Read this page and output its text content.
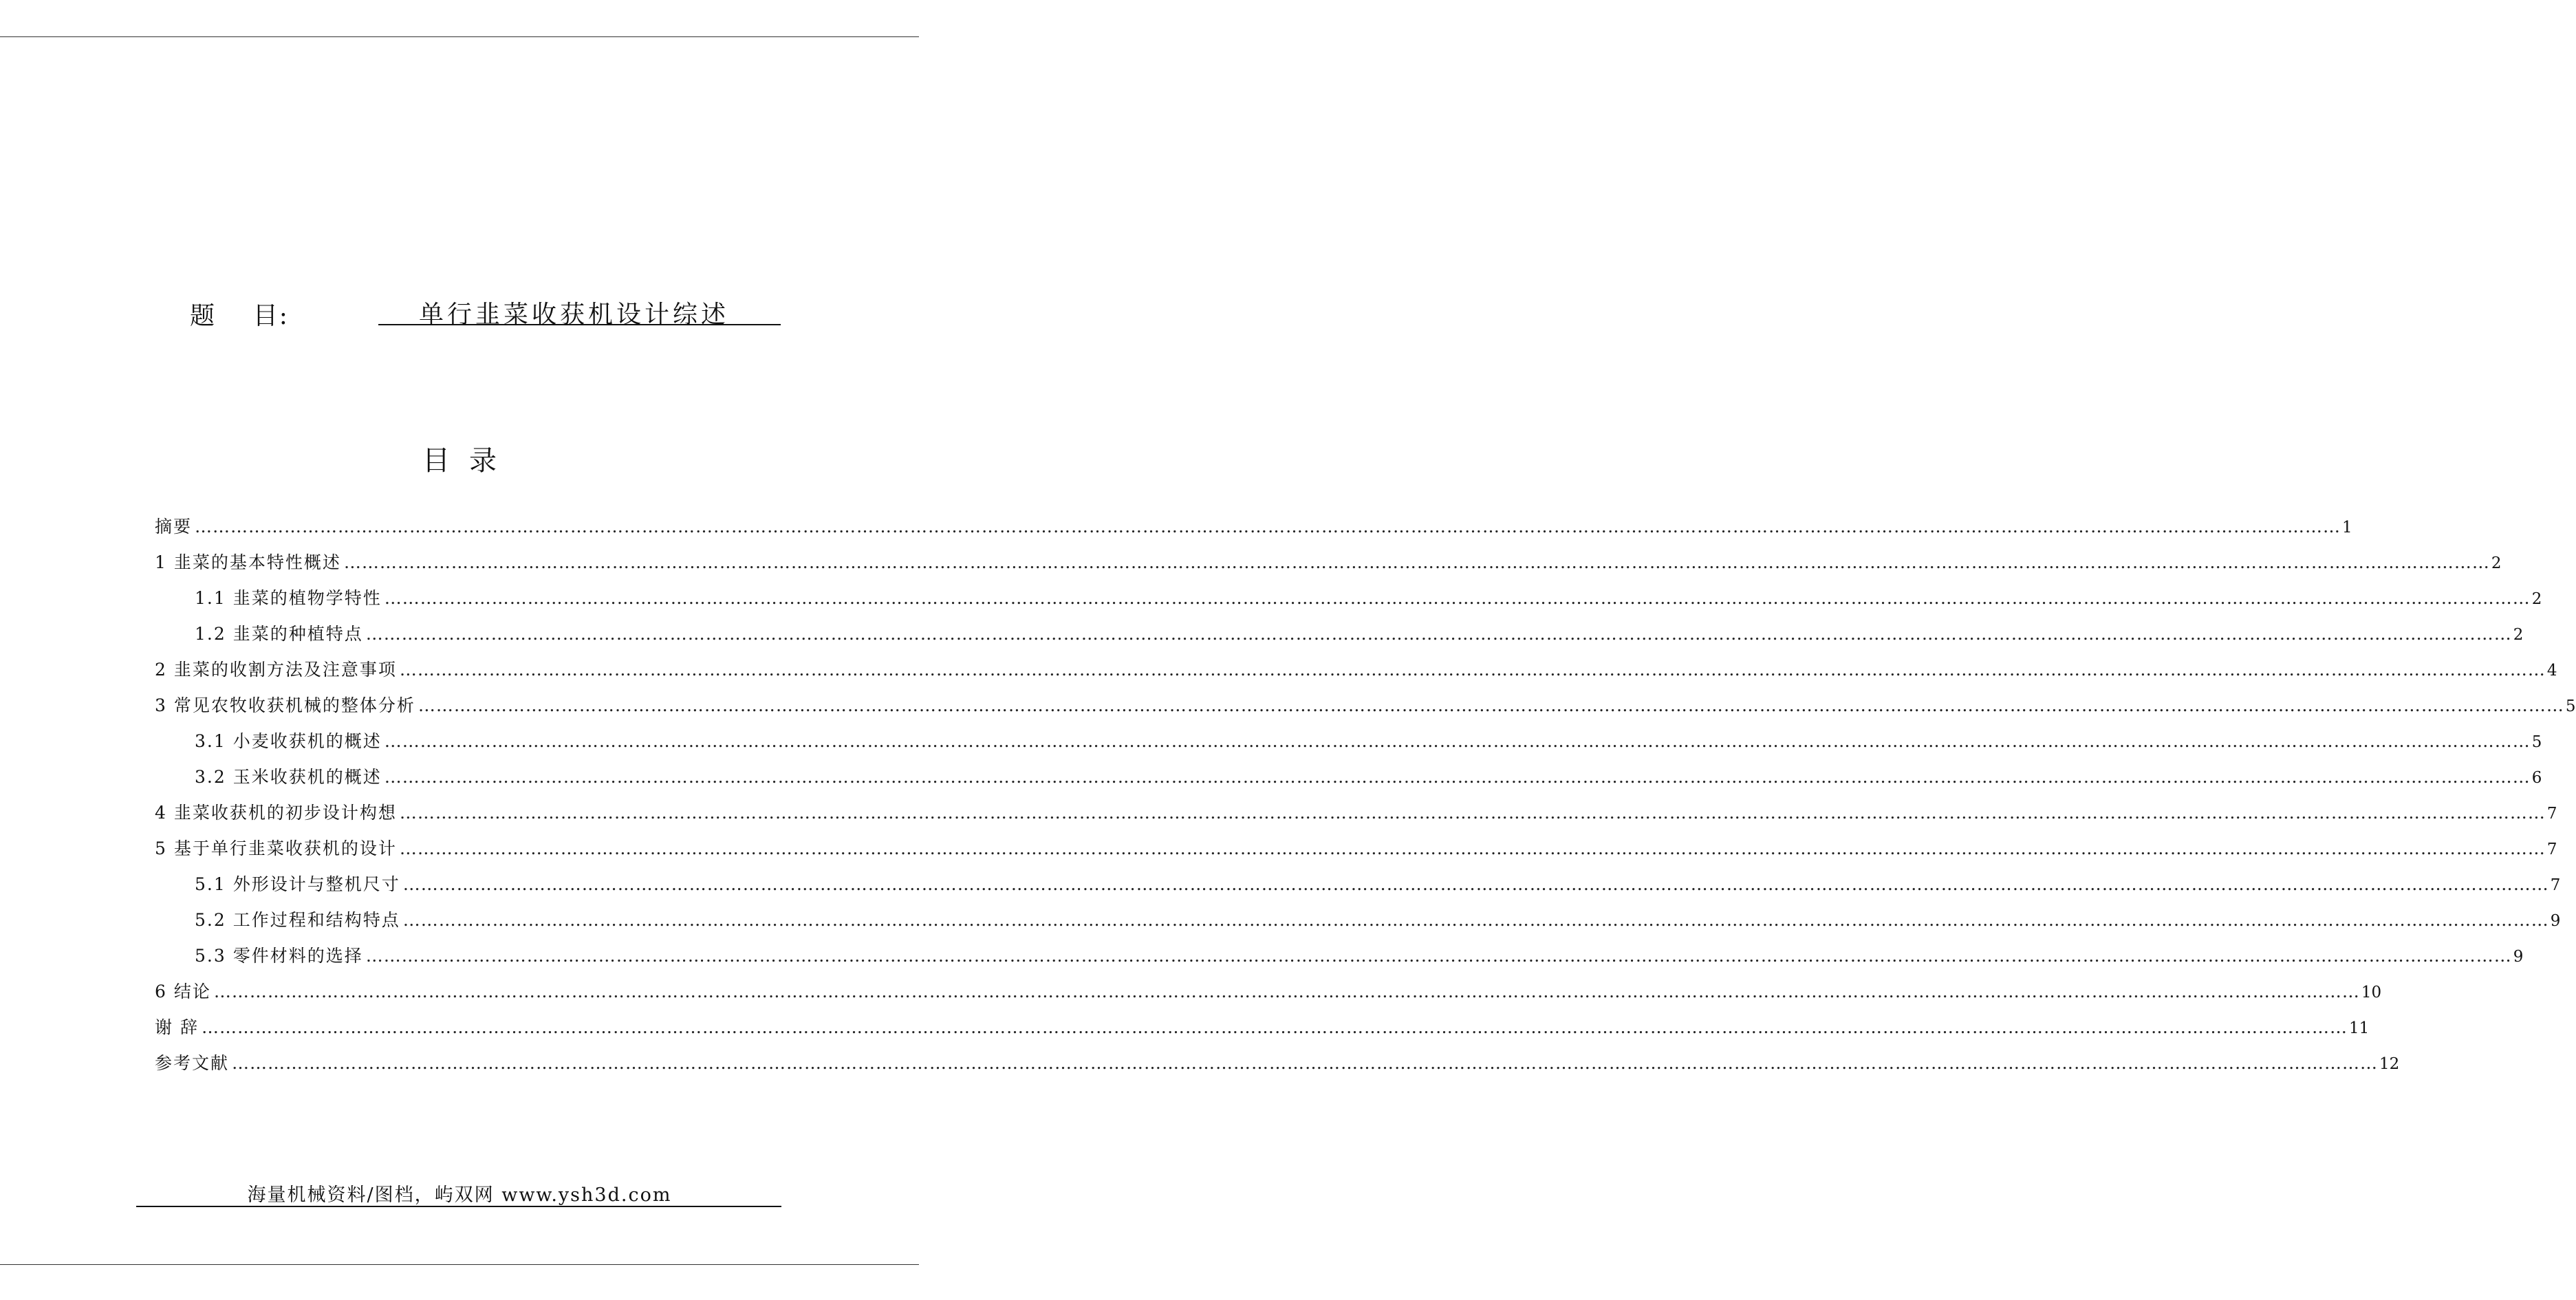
题    目:	单行韭菜收获机设计综述
目录
摘要 ……………………………………………………………………………………………………………………………………………………………………………………………………………………………………………………………………………………………………………………………… 1
1 韭菜的基本特性概述 ……………………………………………………………………………………………………………………………………………………………………………………………………………………………………………………………………………………………………………………………… 2
1.1 韭菜的植物学特性 ……………………………………………………………………………………………………………………………………………………………………………………………………………………………………………………………………………………………………………………………… 2
1.2 韭菜的种植特点 ……………………………………………………………………………………………………………………………………………………………………………………………………………………………………………………………………………………………………………………………… 2
2 韭菜的收割方法及注意事项 ……………………………………………………………………………………………………………………………………………………………………………………………………………………………………………………………………………………………………………………………… 4
3 常见农牧收获机械的整体分析 ……………………………………………………………………………………………………………………………………………………………………………………………………………………………………………………………………………………………………………………………… 5
3.1 小麦收获机的概述 ……………………………………………………………………………………………………………………………………………………………………………………………………………………………………………………………………………………………………………………………… 5
3.2 玉米收获机的概述 ……………………………………………………………………………………………………………………………………………………………………………………………………………………………………………………………………………………………………………………………… 6
4 韭菜收获机的初步设计构想 ……………………………………………………………………………………………………………………………………………………………………………………………………………………………………………………………………………………………………………………………… 7
5 基于单行韭菜收获机的设计 ……………………………………………………………………………………………………………………………………………………………………………………………………………………………………………………………………………………………………………………………… 7
5.1 外形设计与整机尺寸 ……………………………………………………………………………………………………………………………………………………………………………………………………………………………………………………………………………………………………………………………… 7
5.2 工作过程和结构特点 ……………………………………………………………………………………………………………………………………………………………………………………………………………………………………………………………………………………………………………………………… 9
5.3 零件材料的选择 ……………………………………………………………………………………………………………………………………………………………………………………………………………………………………………………………………………………………………………………………… 9
6 结论 ……………………………………………………………………………………………………………………………………………………………………………………………………………………………………………………………………………………………………………………………… 10
谢 辞 ……………………………………………………………………………………………………………………………………………………………………………………………………………………………………………………………………………………………………………………………… 11
参考文献 ……………………………………………………………………………………………………………………………………………………………………………………………………………………………………………………………………………………………………………………………… 12
海量机械资料/图档，屿双网 www.ysh3d.com
